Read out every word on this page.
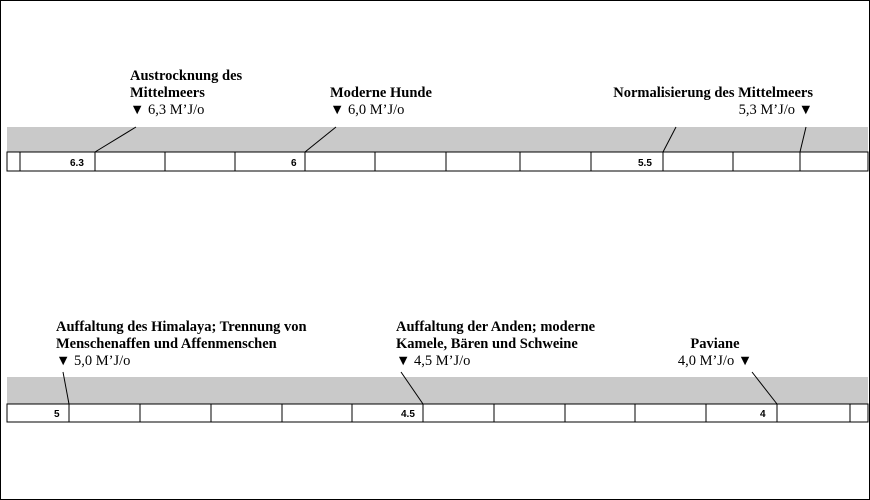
6.3	6	5.5
5	4.5	4
Austrocknung des
Mittelmeers
▼ 6,3 M’J/o
Moderne Hunde
▼ 6,0 M’J/o
Normalisierung des Mittelmeers
5,3 M’J/o ▼
Auffaltung des Himalaya; Trennung von
Menschenaffen und Affenmenschen
▼ 5,0 M’J/o
Auffaltung der Anden; moderne
Kamele, Bären und Schweine
▼ 4,5 M’J/o
Paviane
4,0 M’J/o ▼
